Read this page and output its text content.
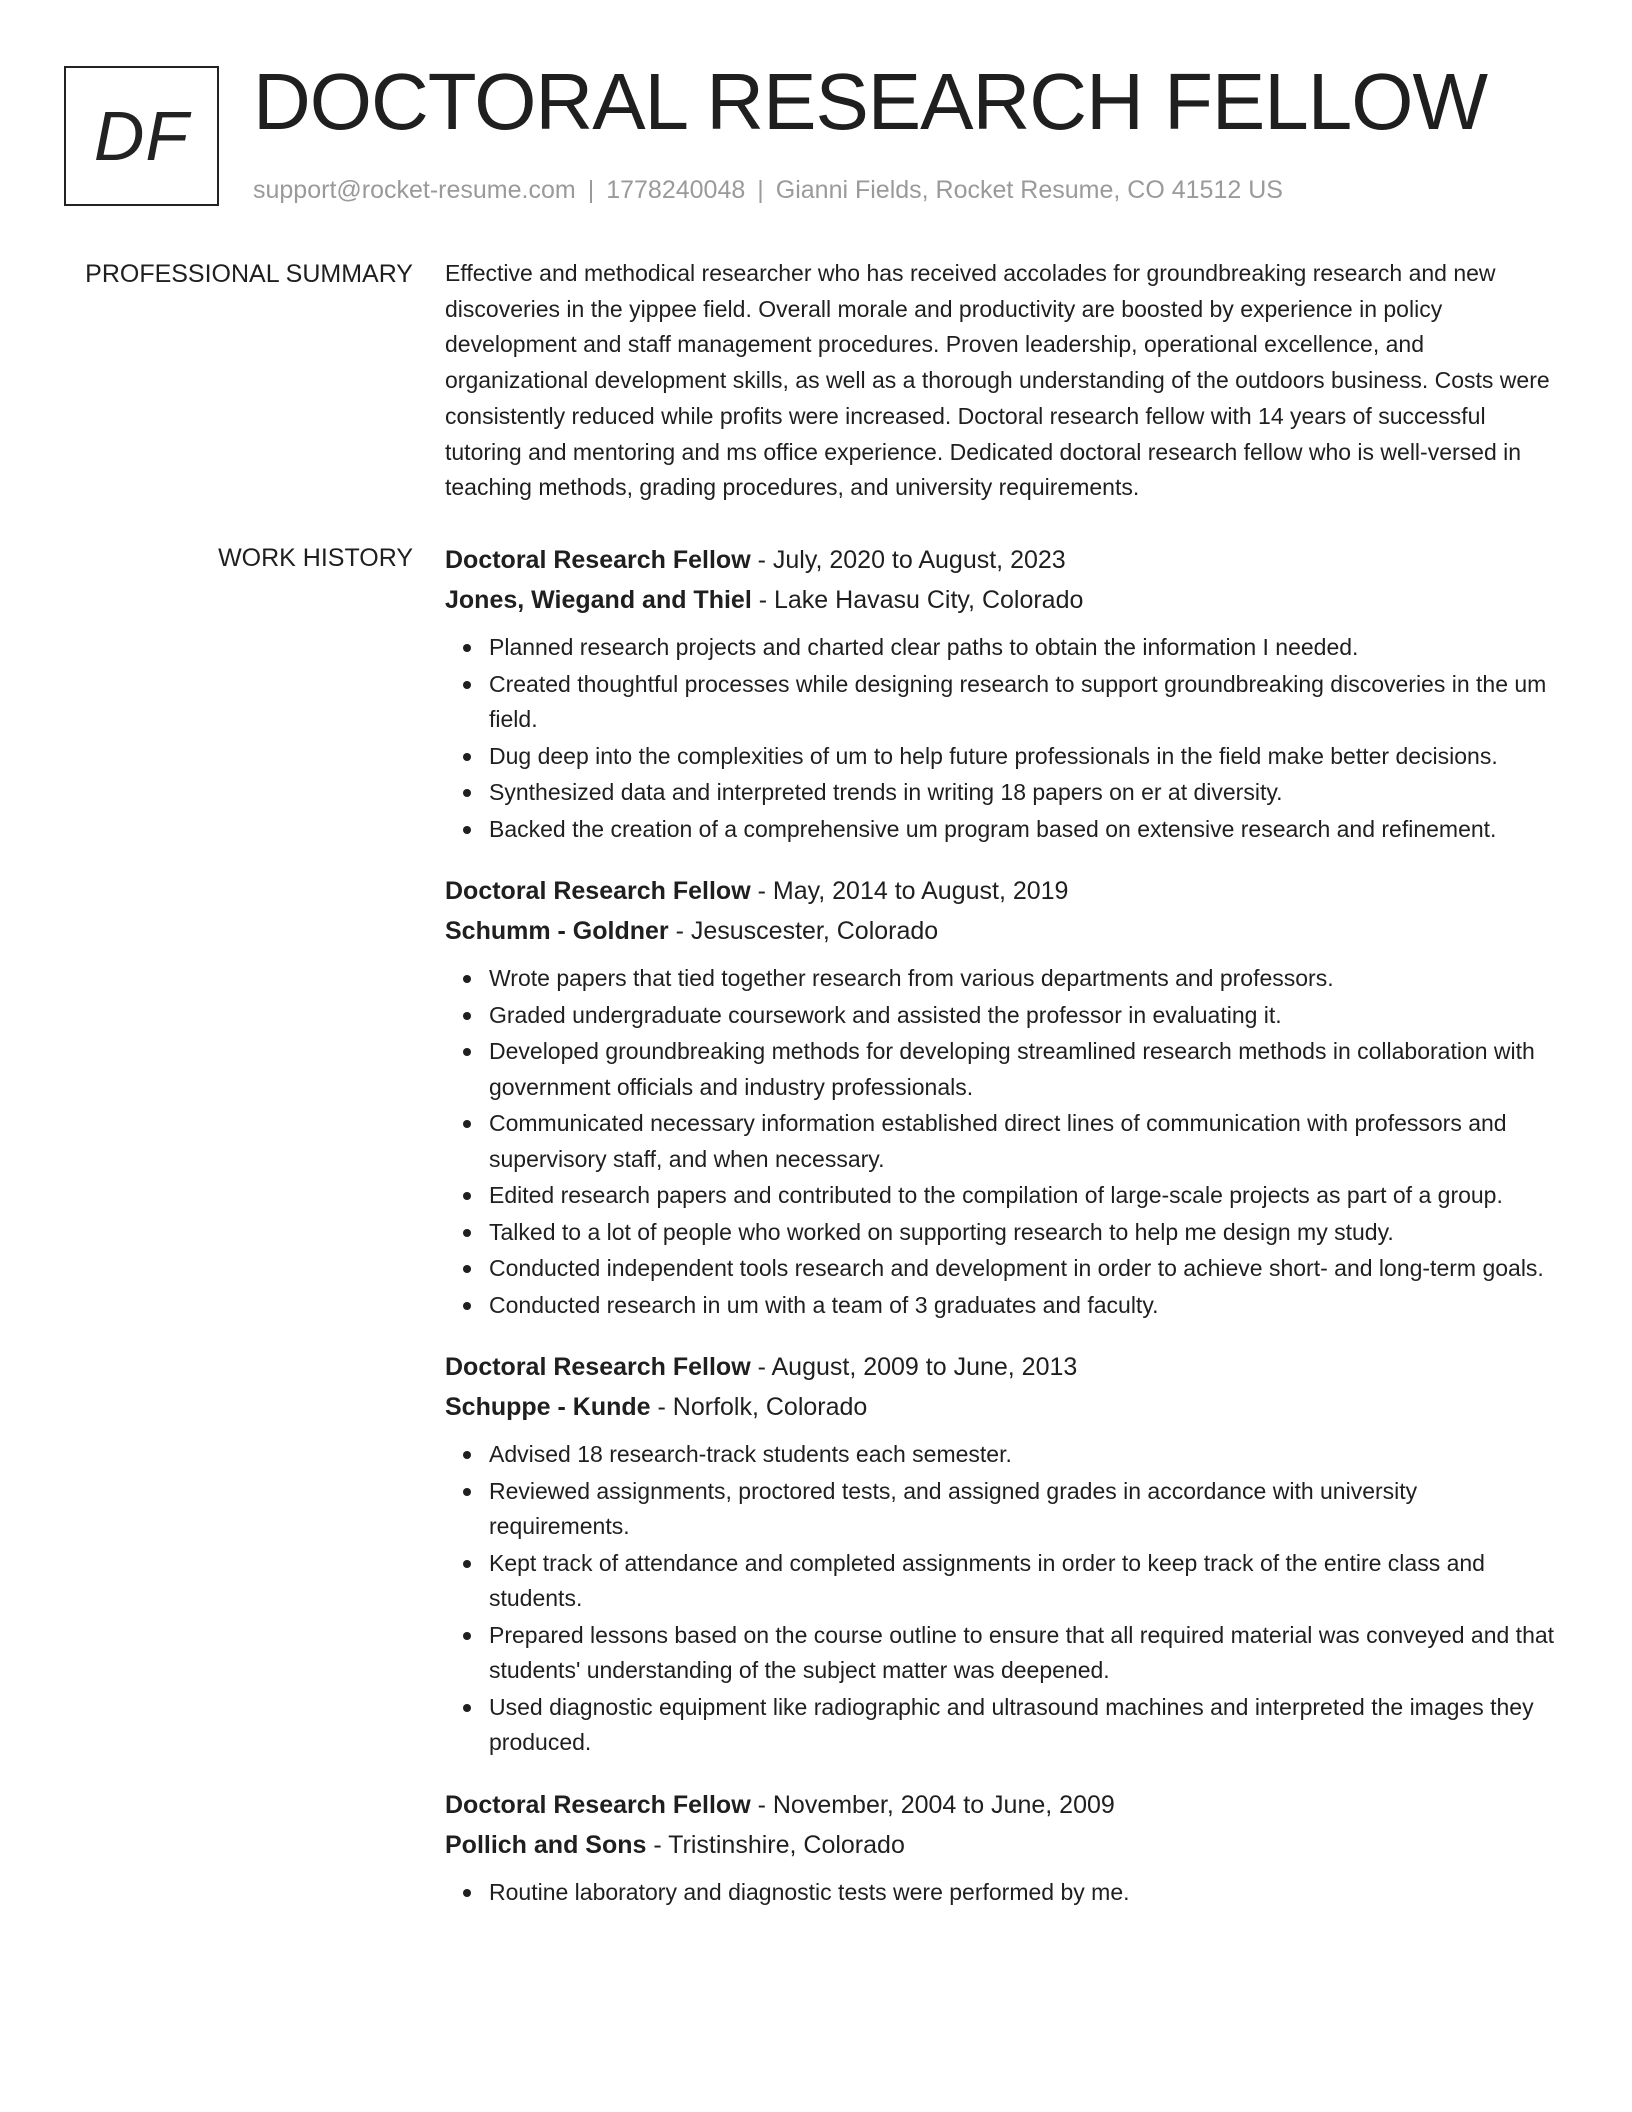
DF DOCTORAL RESEARCH FELLOW
support@rocket-resume.com | 1778240048 | Gianni Fields, Rocket Resume, CO 41512 US
PROFESSIONAL SUMMARY Effective and methodical researcher who has received accolades for groundbreaking research and new discoveries in the yippee field. Overall morale and productivity are boosted by experience in policy development and staff management procedures. Proven leadership, operational excellence, and organizational development skills, as well as a thorough understanding of the outdoors business. Costs were consistently reduced while profits were increased. Doctoral research fellow with 14 years of successful tutoring and mentoring and ms office experience. Dedicated doctoral research fellow who is well-versed in teaching methods, grading procedures, and university requirements.

WORK HISTORY Doctoral Research Fellow - July, 2020 to August, 2023
Jones, Wiegand and Thiel - Lake Havasu City, Colorado
Planned research projects and charted clear paths to obtain the information I needed.
Created thoughtful processes while designing research to support groundbreaking discoveries in the um field.
Dug deep into the complexities of um to help future professionals in the field make better decisions.
Synthesized data and interpreted trends in writing 18 papers on er at diversity.
Backed the creation of a comprehensive um program based on extensive research and refinement.
Doctoral Research Fellow - May, 2014 to August, 2019
Schumm - Goldner - Jesuscester, Colorado
Wrote papers that tied together research from various departments and professors.
Graded undergraduate coursework and assisted the professor in evaluating it.
Developed groundbreaking methods for developing streamlined research methods in collaboration with government officials and industry professionals.
Communicated necessary information established direct lines of communication with professors and supervisory staff, and when necessary.
Edited research papers and contributed to the compilation of large-scale projects as part of a group.
Talked to a lot of people who worked on supporting research to help me design my study.
Conducted independent tools research and development in order to achieve short- and long-term goals.
Conducted research in um with a team of 3 graduates and faculty.
Doctoral Research Fellow - August, 2009 to June, 2013
Schuppe - Kunde - Norfolk, Colorado
Advised 18 research-track students each semester.
Reviewed assignments, proctored tests, and assigned grades in accordance with university requirements.
Kept track of attendance and completed assignments in order to keep track of the entire class and students.
Prepared lessons based on the course outline to ensure that all required material was conveyed and that students' understanding of the subject matter was deepened.
Used diagnostic equipment like radiographic and ultrasound machines and interpreted the images they produced.
Doctoral Research Fellow - November, 2004 to June, 2009
Pollich and Sons - Tristinshire, Colorado
Routine laboratory and diagnostic tests were performed by me.
